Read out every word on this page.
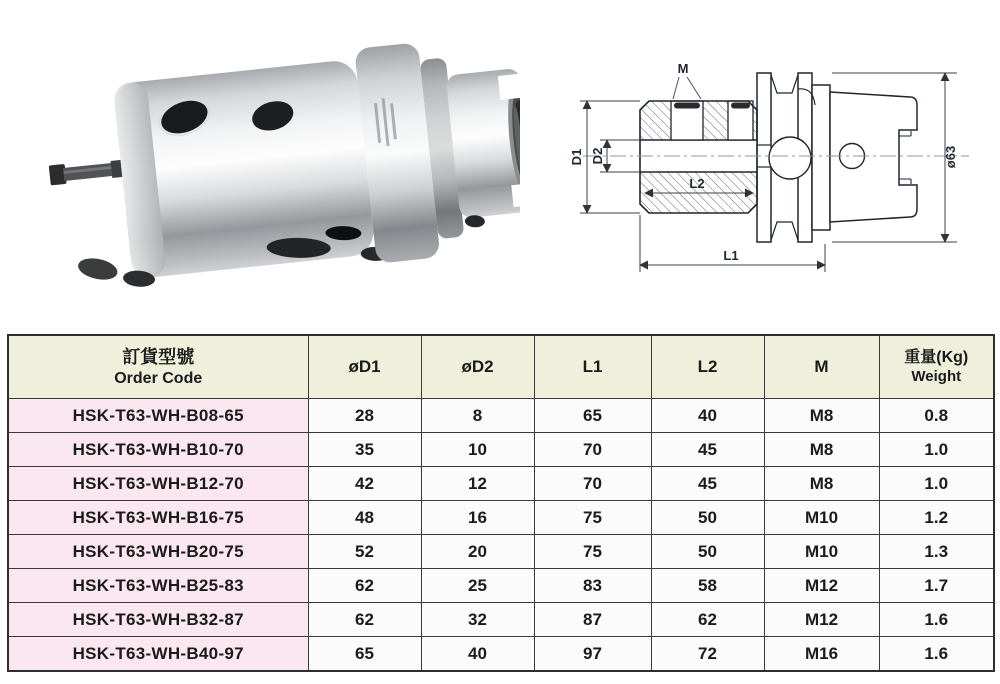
M
D1 D2
L2
L1
ø63
訂貨型號
Order Code	øD1	øD2	L1	L2	M	重量(Kg)
Weight

HSK-T63-WH-B08-65	28	8	65	40	M8	0.8
HSK-T63-WH-B10-70	35	10	70	45	M8	1.0
HSK-T63-WH-B12-70	42	12	70	45	M8	1.0
HSK-T63-WH-B16-75	48	16	75	50	M10	1.2
HSK-T63-WH-B20-75	52	20	75	50	M10	1.3
HSK-T63-WH-B25-83	62	25	83	58	M12	1.7
HSK-T63-WH-B32-87	62	32	87	62	M12	1.6
HSK-T63-WH-B40-97	65	40	97	72	M16	1.6
